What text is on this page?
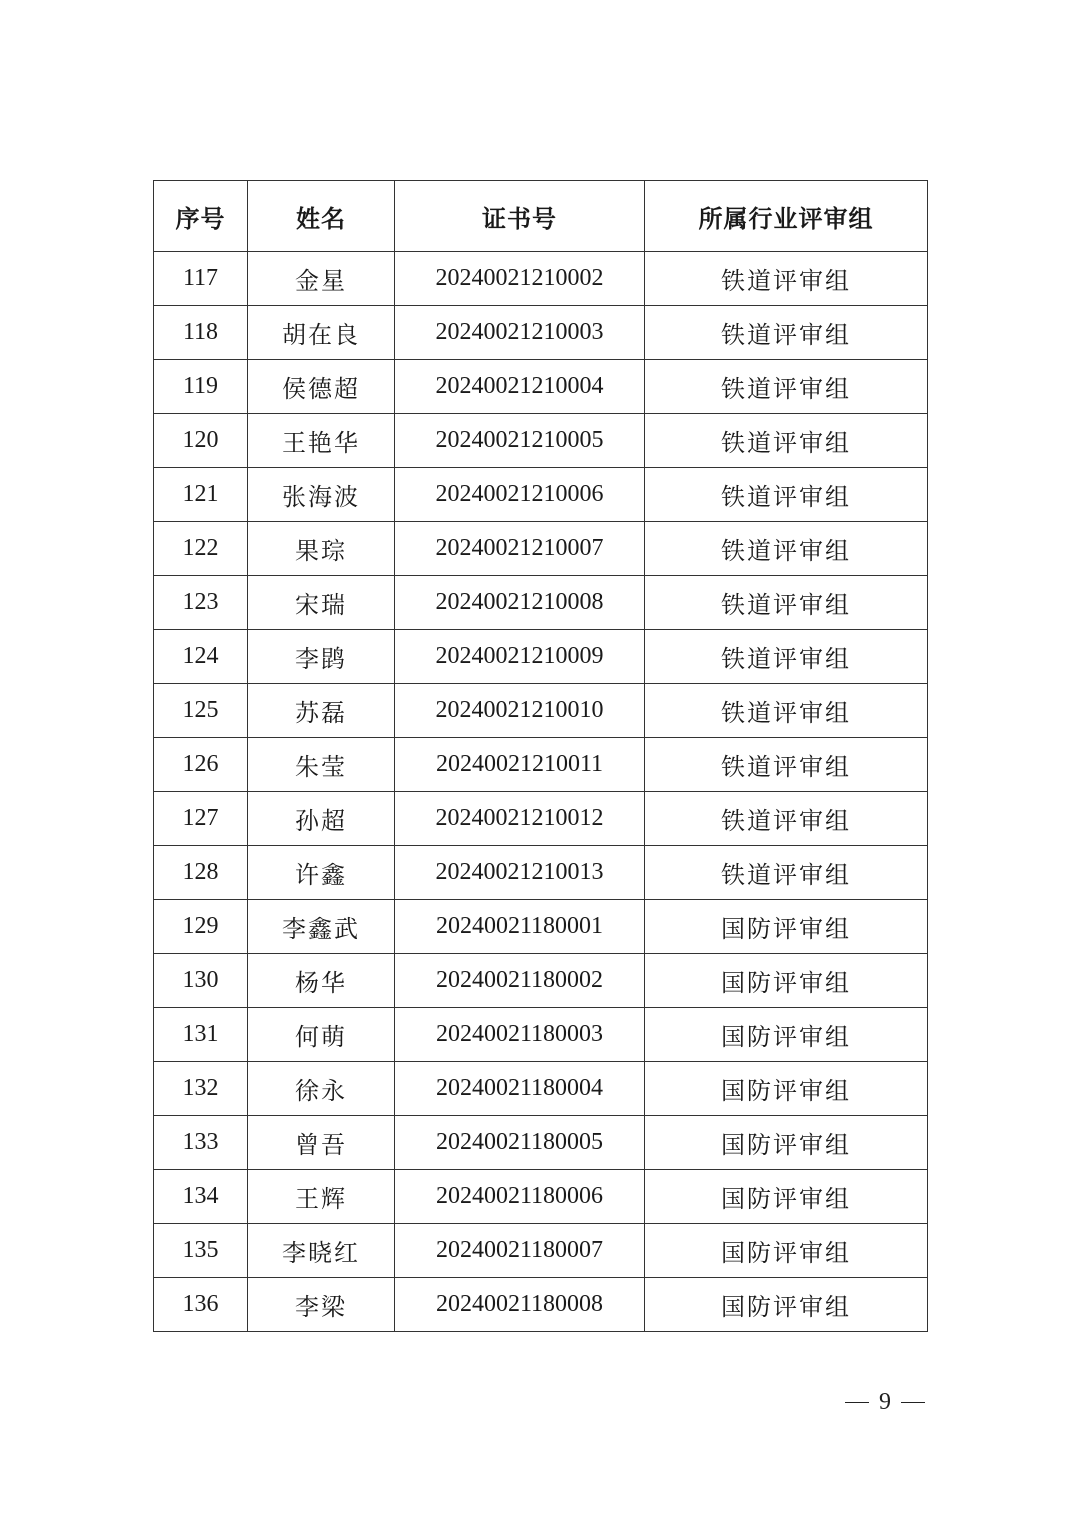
序号	姓名	证书号	所属行业评审组
117	金星	20240021210002	铁道评审组
118	胡在良	20240021210003	铁道评审组
119	侯德超	20240021210004	铁道评审组
120	王艳华	20240021210005	铁道评审组
121	张海波	20240021210006	铁道评审组
122	果琮	20240021210007	铁道评审组
123	宋瑞	20240021210008	铁道评审组
124	李鹍	20240021210009	铁道评审组
125	苏磊	20240021210010	铁道评审组
126	朱莹	20240021210011	铁道评审组
127	孙超	20240021210012	铁道评审组
128	许鑫	20240021210013	铁道评审组
129	李鑫武	20240021180001	国防评审组
130	杨华	20240021180002	国防评审组
131	何萌	20240021180003	国防评审组
132	徐永	20240021180004	国防评审组
133	曾吾	20240021180005	国防评审组
134	王辉	20240021180006	国防评审组
135	李晓红	20240021180007	国防评审组
136	李梁	20240021180008	国防评审组
9
